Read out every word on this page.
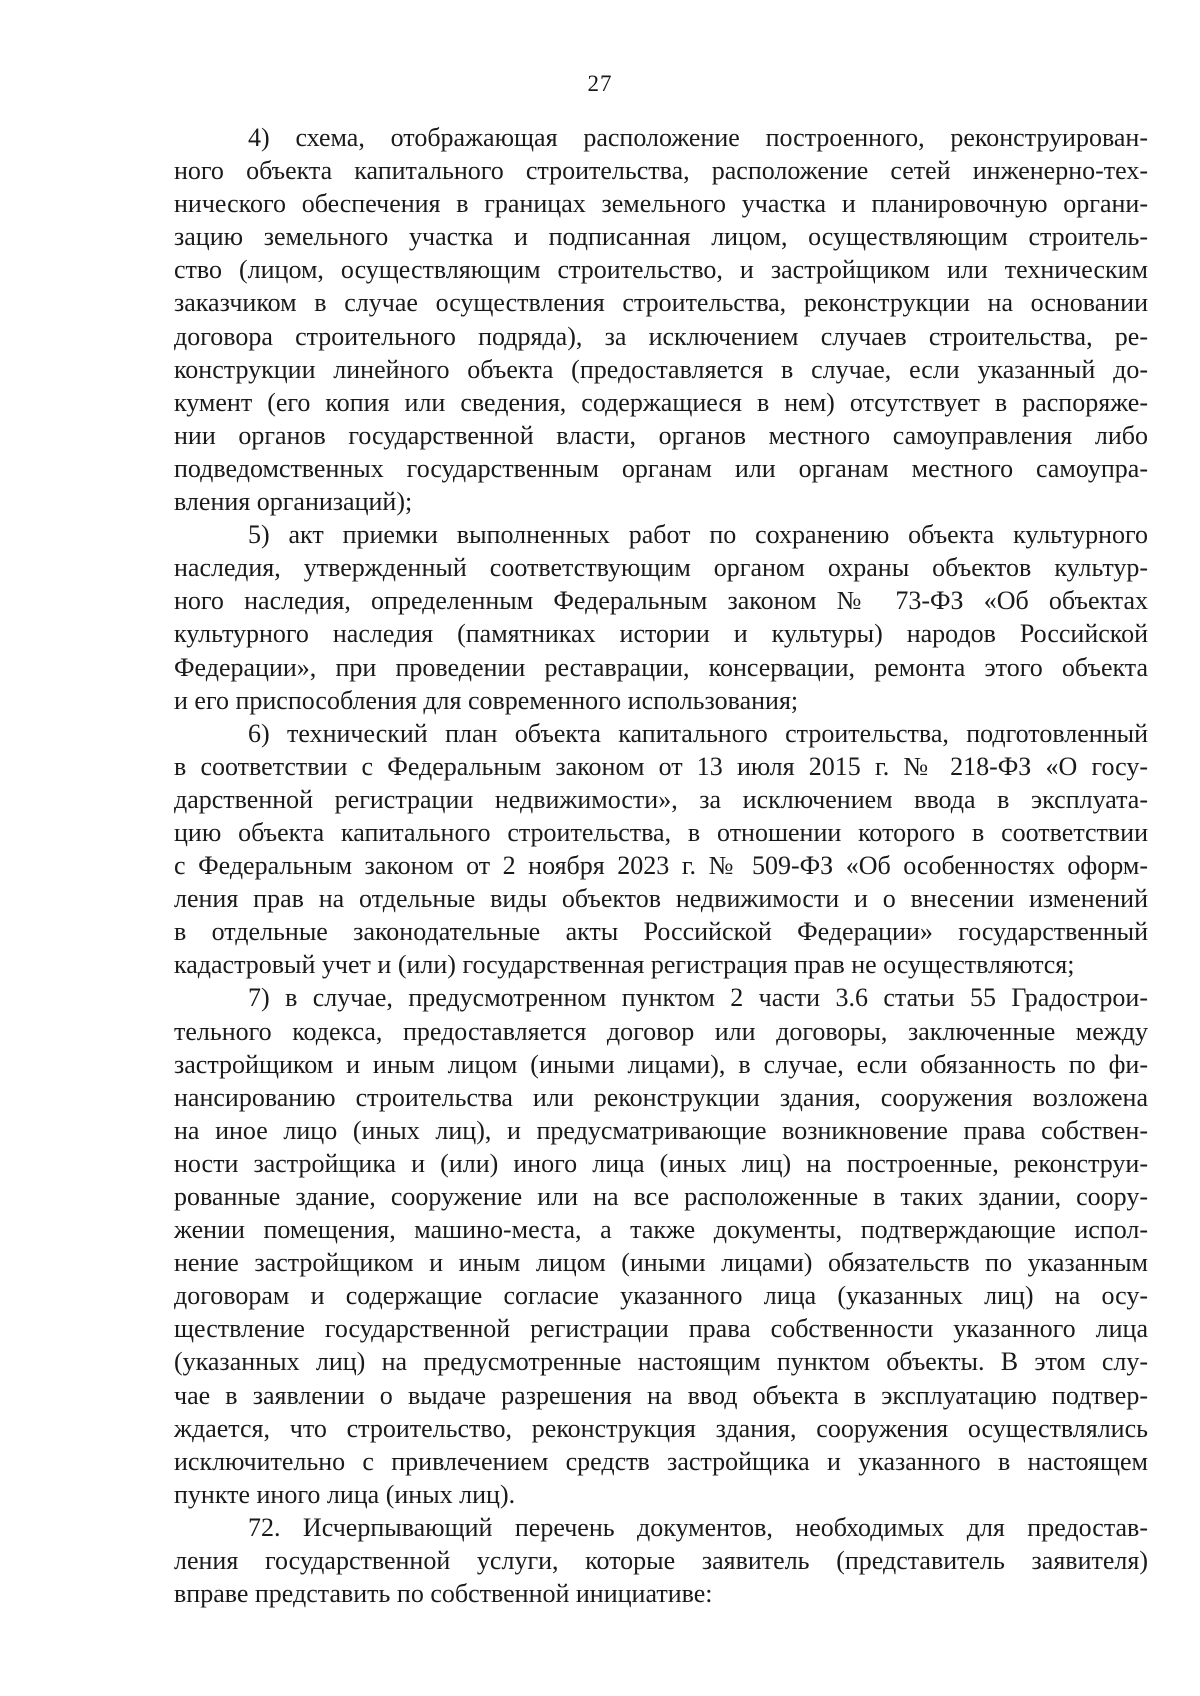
27
4) схема, отображающая расположение построенного, реконструирован-
ного объекта капитального строительства, расположение сетей инженерно-тех-
нического обеспечения в границах земельного участка и планировочную органи-
зацию земельного участка и подписанная лицом, осуществляющим строитель-
ство (лицом, осуществляющим строительство, и застройщиком или техническим
заказчиком в случае осуществления строительства, реконструкции на основании
договора строительного подряда), за исключением случаев строительства, ре-
конструкции линейного объекта (предоставляется в случае, если указанный до-
кумент (его копия или сведения, содержащиеся в нем) отсутствует в распоряже-
нии органов государственной власти, органов местного самоуправления либо
подведомственных государственным органам или органам местного самоупра-
вления организаций);
5) акт приемки выполненных работ по сохранению объекта культурного
наследия, утвержденный соответствующим органом охраны объектов культур-
ного наследия, определенным Федеральным законом № 73-ФЗ «Об объектах
культурного наследия (памятниках истории и культуры) народов Российской
Федерации», при проведении реставрации, консервации, ремонта этого объекта
и его приспособления для современного использования;
6) технический план объекта капитального строительства, подготовленный
в соответствии с Федеральным законом от 13 июля 2015 г. № 218-ФЗ «О госу-
дарственной регистрации недвижимости», за исключением ввода в эксплуата-
цию объекта капитального строительства, в отношении которого в соответствии
с Федеральным законом от 2 ноября 2023 г. № 509-ФЗ «Об особенностях оформ-
ления прав на отдельные виды объектов недвижимости и о внесении изменений
в отдельные законодательные акты Российской Федерации» государственный
кадастровый учет и (или) государственная регистрация прав не осуществляются;
7) в случае, предусмотренном пунктом 2 части 3.6 статьи 55 Градострои-
тельного кодекса, предоставляется договор или договоры, заключенные между
застройщиком и иным лицом (иными лицами), в случае, если обязанность по фи-
нансированию строительства или реконструкции здания, сооружения возложена
на иное лицо (иных лиц), и предусматривающие возникновение права собствен-
ности застройщика и (или) иного лица (иных лиц) на построенные, реконструи-
рованные здание, сооружение или на все расположенные в таких здании, соору-
жении помещения, машино-места, а также документы, подтверждающие испол-
нение застройщиком и иным лицом (иными лицами) обязательств по указанным
договорам и содержащие согласие указанного лица (указанных лиц) на осу-
ществление государственной регистрации права собственности указанного лица
(указанных лиц) на предусмотренные настоящим пунктом объекты. В этом слу-
чае в заявлении о выдаче разрешения на ввод объекта в эксплуатацию подтвер-
ждается, что строительство, реконструкция здания, сооружения осуществлялись
исключительно с привлечением средств застройщика и указанного в настоящем
пункте иного лица (иных лиц).
72. Исчерпывающий перечень документов, необходимых для предостав-
ления государственной услуги, которые заявитель (представитель заявителя)
вправе представить по собственной инициативе:
